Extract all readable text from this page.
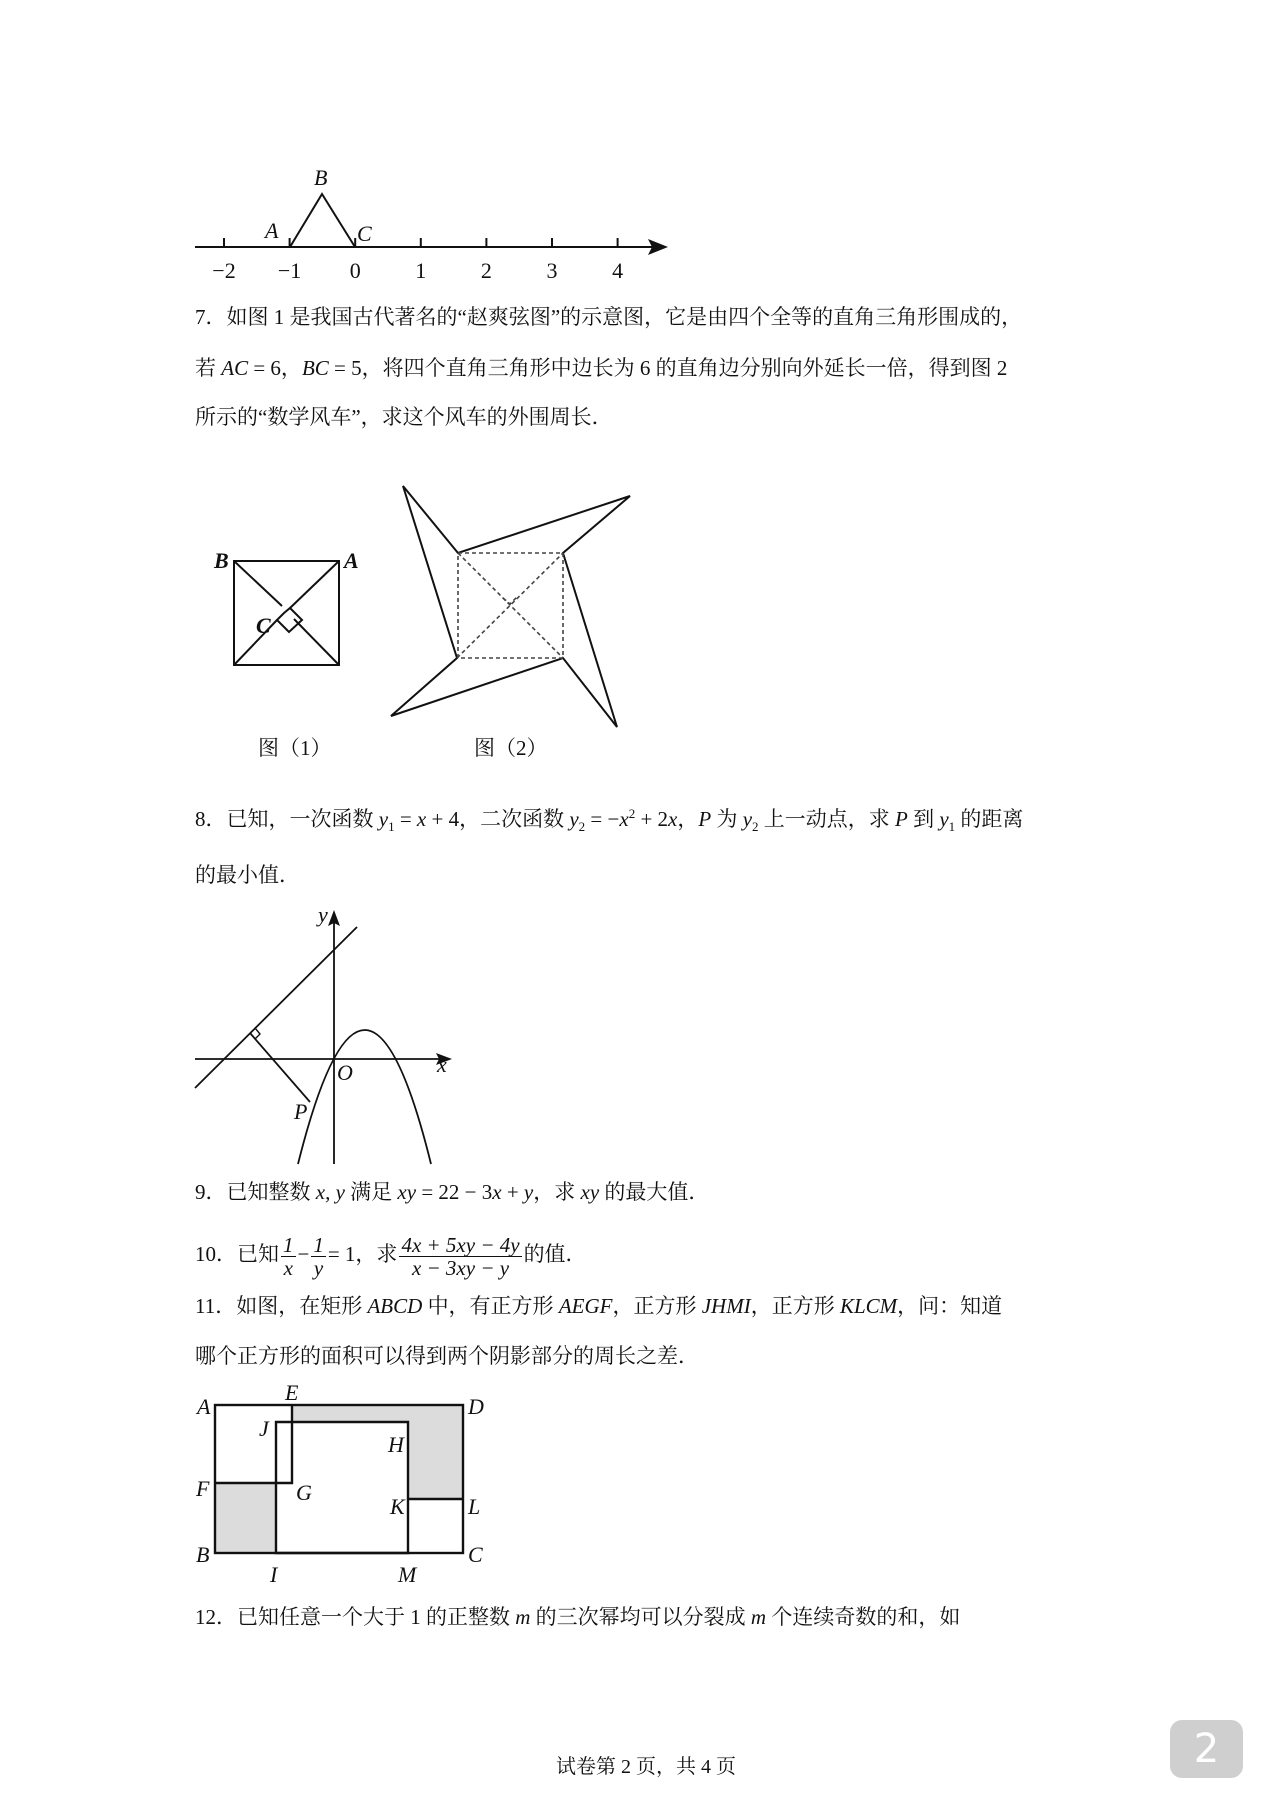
7．如图 1 是我国古代著名的“赵爽弦图”的示意图，它是由四个全等的直角三角形围成的，
若 AC = 6，BC = 5，将四个直角三角形中边长为 6 的直角边分别向外延长一倍，得到图 2
所示的“数学风车”，求这个风车的外围周长．
8．已知，一次函数 $y_1 = x + 4$，二次函数 $y_2 = -x^2 + 2x$，P 为 $y_2$ 上一动点，求 P 到 $y_1$ 的距离
的最小值．
9．已知整数 x, y 满足 xy = 22 − 3x + y，求 xy 的最大值．
10．已知 $\frac{1}{x} - \frac{1}{y} = 1$，求 $\frac{4x + 5xy - 4y}{x - 3xy - y}$ 的值．
11．如图，在矩形 ABCD 中，有正方形 AEGF，正方形 JHMI，正方形 KLCM，问：知道
哪个正方形的面积可以得到两个阴影部分的周长之差．
12．已知任意一个大于 1 的正整数 m 的三次幂均可以分裂成 m 个连续奇数的和，如
−2 −1 0 1 2 3 4
B
A	C
B	A
C
图（1）	图（2）
y
x
O
P
A
E
D
J
H
F	G
K	L
B
I	M
C
试卷第 2 页，共 4 页	2
